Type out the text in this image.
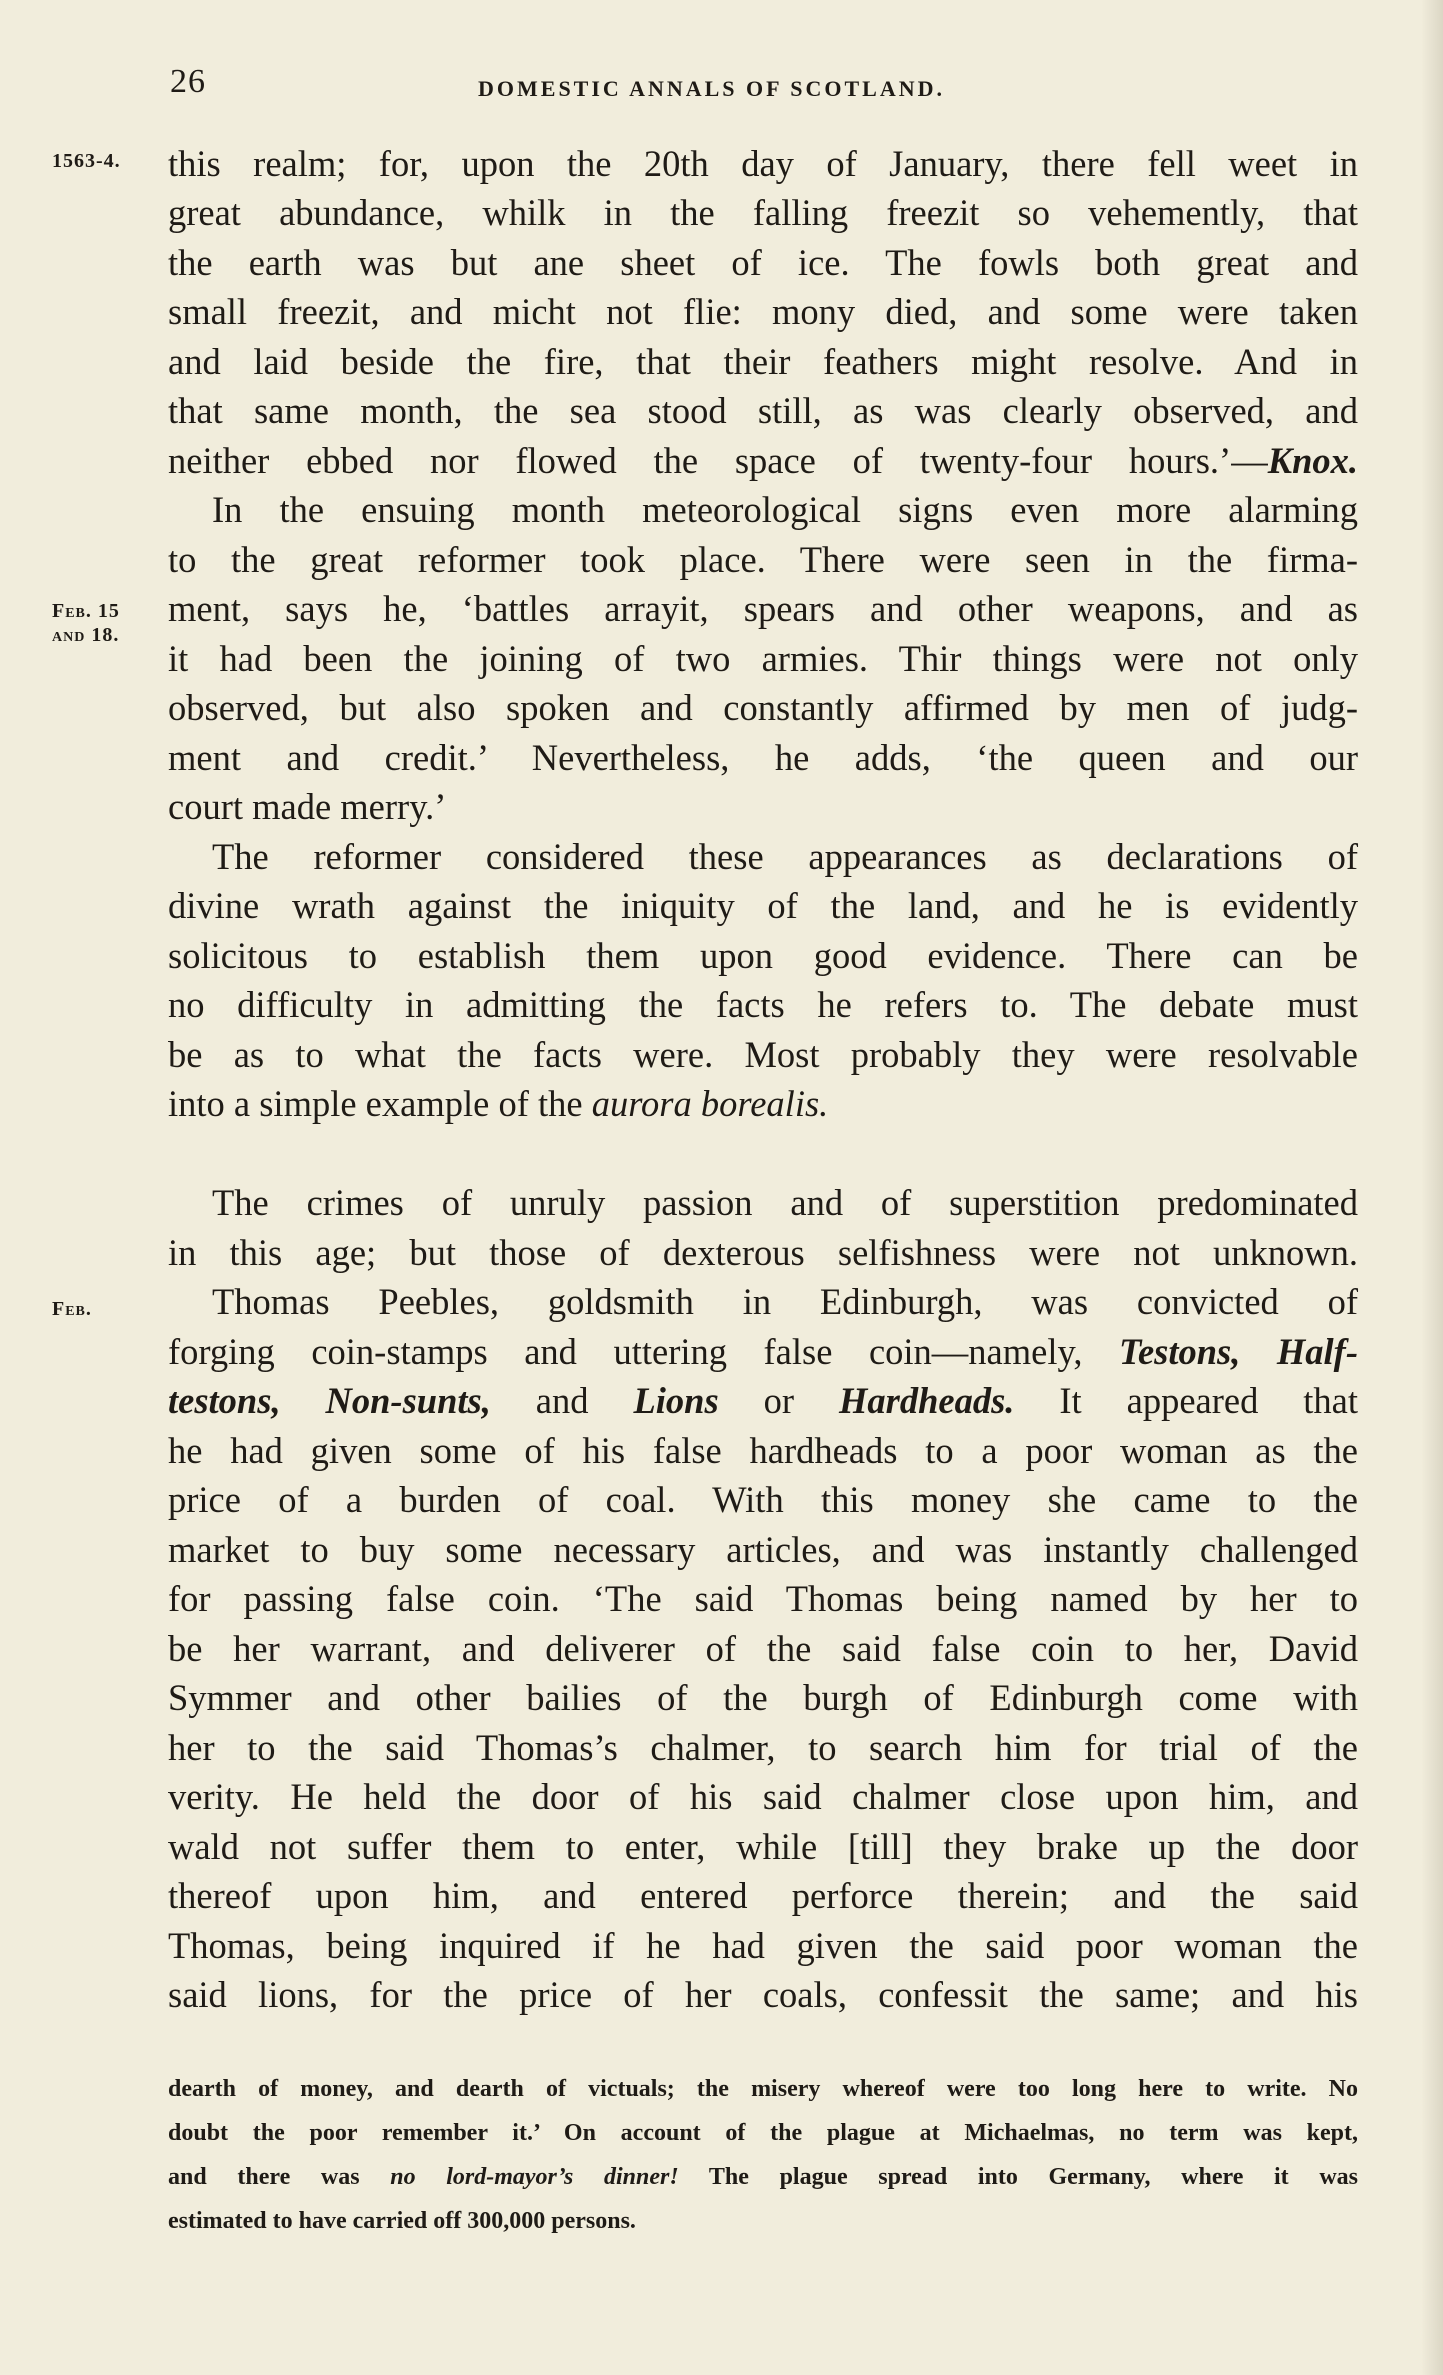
26	DOMESTIC ANNALS OF SCOTLAND.
1563-4.
Feb. 15
and 18.
Feb.
this realm; for, upon the 20th day of January, there fell weet in
great abundance, whilk in the falling freezit so vehemently, that
the earth was but ane sheet of ice. The fowls both great and
small freezit, and micht not flie: mony died, and some were taken
and laid beside the fire, that their feathers might resolve. And in
that same month, the sea stood still, as was clearly observed, and
neither ebbed nor flowed the space of twenty-four hours.’—Knox.
In the ensuing month meteorological signs even more alarming
to the great reformer took place. There were seen in the firma-
ment, says he, ‘battles arrayit, spears and other weapons, and as
it had been the joining of two armies. Thir things were not only
observed, but also spoken and constantly affirmed by men of judg-
ment and credit.’ Nevertheless, he adds, ‘the queen and our
court made merry.’
The reformer considered these appearances as declarations of
divine wrath against the iniquity of the land, and he is evidently
solicitous to establish them upon good evidence. There can be
no difficulty in admitting the facts he refers to. The debate must
be as to what the facts were. Most probably they were resolvable
into a simple example of the aurora borealis.
The crimes of unruly passion and of superstition predominated
in this age; but those of dexterous selfishness were not unknown.
Thomas Peebles, goldsmith in Edinburgh, was convicted of
forging coin-stamps and uttering false coin—namely, Testons, Half-
testons, Non-sunts, and Lions or Hardheads. It appeared that
he had given some of his false hardheads to a poor woman as the
price of a burden of coal. With this money she came to the
market to buy some necessary articles, and was instantly challenged
for passing false coin. ‘The said Thomas being named by her to
be her warrant, and deliverer of the said false coin to her, David
Symmer and other bailies of the burgh of Edinburgh come with
her to the said Thomas’s chalmer, to search him for trial of the
verity. He held the door of his said chalmer close upon him, and
wald not suffer them to enter, while [till] they brake up the door
thereof upon him, and entered perforce therein; and the said
Thomas, being inquired if he had given the said poor woman the
said lions, for the price of her coals, confessit the same; and his
dearth of money, and dearth of victuals; the misery whereof were too long here to write. No
doubt the poor remember it.’ On account of the plague at Michaelmas, no term was kept,
and there was no lord-mayor’s dinner! The plague spread into Germany, where it was
estimated to have carried off 300,000 persons.
